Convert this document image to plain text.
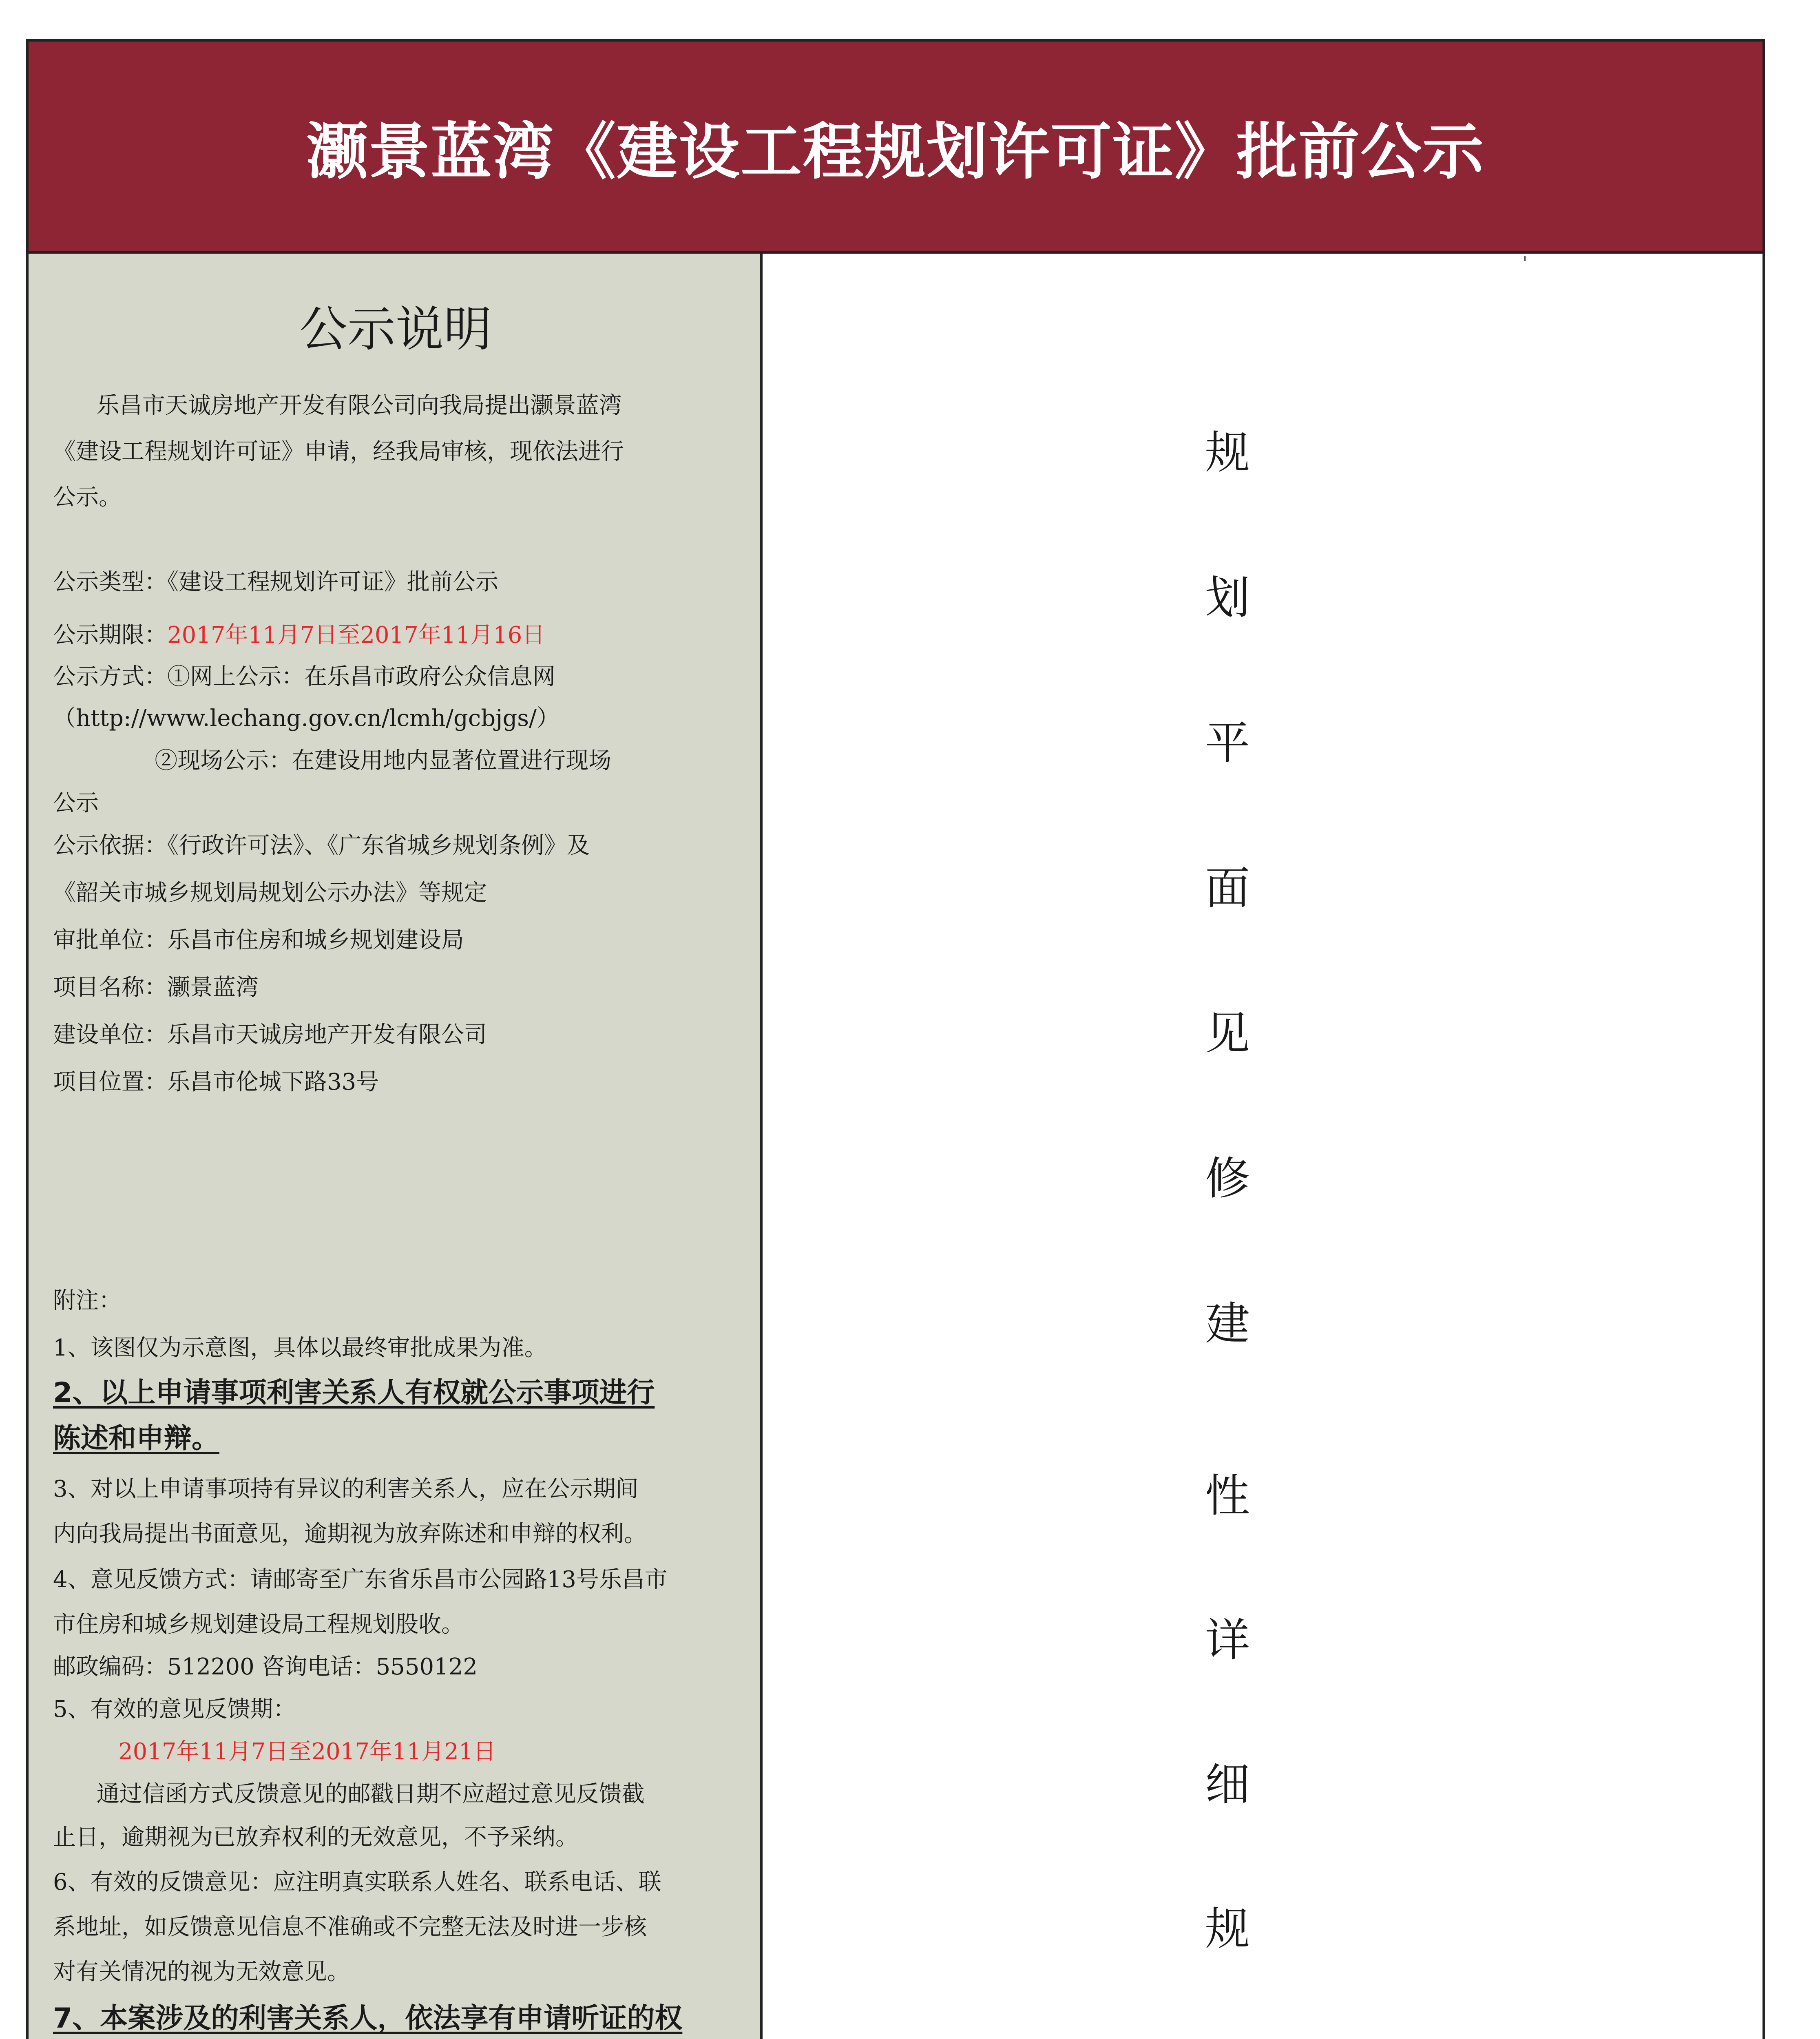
灏景蓝湾《建设工程规划许可证》批前公示
公示说明
乐昌市天诚房地产开发有限公司向我局提出灏景蓝湾
《建设工程规划许可证》申请，经我局审核，现依法进行
公示。
公示类型：《建设工程规划许可证》批前公示
公示期限：2017年11月7日至2017年11月16日
公示方式：①网上公示：在乐昌市政府公众信息网
（http://www.lechang.gov.cn/lcmh/gcbjgs/）
②现场公示：在建设用地内显著位置进行现场
公示
公示依据：《行政许可法》、《广东省城乡规划条例》及
《韶关市城乡规划局规划公示办法》等规定
审批单位：乐昌市住房和城乡规划建设局
项目名称：灏景蓝湾
建设单位：乐昌市天诚房地产开发有限公司
项目位置：乐昌市伦城下路33号
附注：
1、该图仅为示意图，具体以最终审批成果为准。
2、以上申请事项利害关系人有权就公示事项进行
陈述和申辩。
3、对以上申请事项持有异议的利害关系人，应在公示期间
内向我局提出书面意见，逾期视为放弃陈述和申辩的权利。
4、意见反馈方式：请邮寄至广东省乐昌市公园路13号乐昌市
市住房和城乡规划建设局工程规划股收。
邮政编码：512200 咨询电话：5550122
5、有效的意见反馈期：
2017年11月7日至2017年11月21日
通过信函方式反馈意见的邮戳日期不应超过意见反馈截
止日，逾期视为已放弃权利的无效意见，不予采纳。
6、有效的反馈意见：应注明真实联系人姓名、联系电话、联
系地址，如反馈意见信息不准确或不完整无法及时进一步核
对有关情况的视为无效意见。
7、本案涉及的利害关系人，依法享有申请听证的权
规
划
平
面
见
修
建
性
详
细
规
